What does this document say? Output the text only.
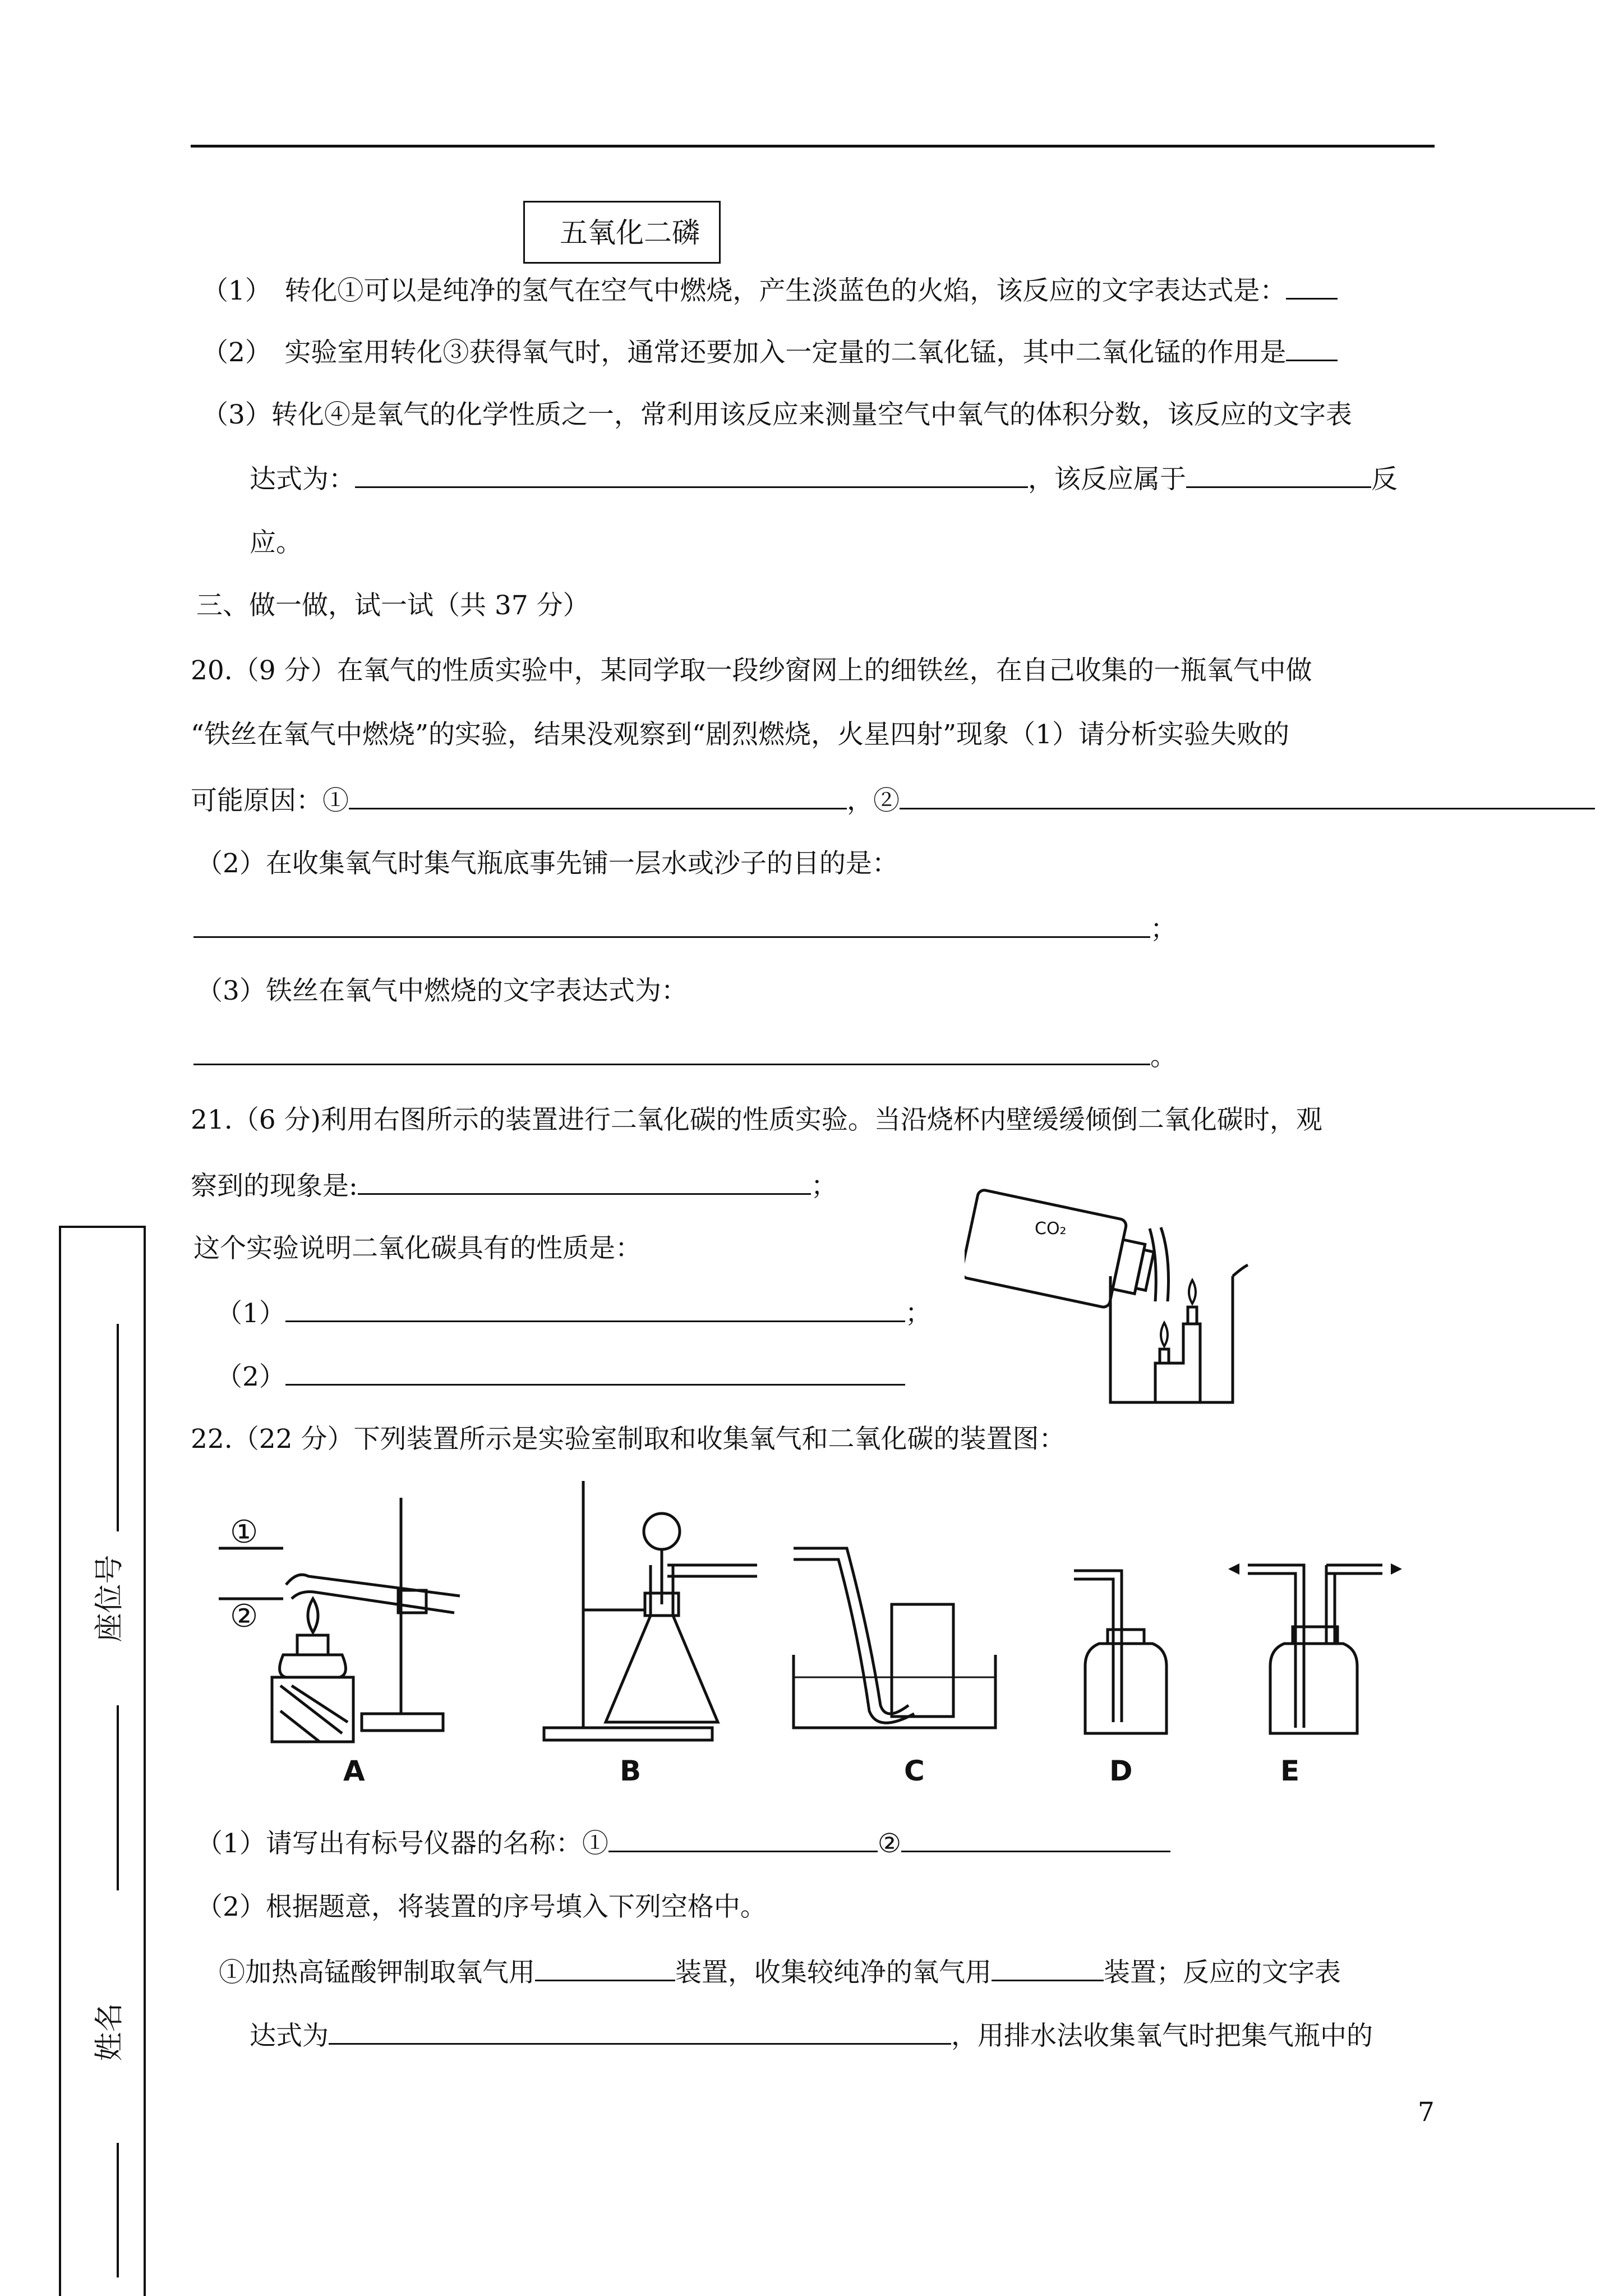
五氧化二磷
（1）　转化①可以是纯净的氢气在空气中燃烧，产生淡蓝色的火焰，该反应的文字表达式是：
（2）　实验室用转化③获得氧气时，通常还要加入一定量的二氧化锰，其中二氧化锰的作用是
（3）转化④是氧气的化学性质之一，常利用该反应来测量空气中氧气的体积分数，该反应的文字表
达式为：	，该反应属于	反
应。
三、做一做，试一试（共 37 分）
20.（9 分）在氧气的性质实验中，某同学取一段纱窗网上的细铁丝，在自己收集的一瓶氧气中做
“铁丝在氧气中燃烧”的实验，结果没观察到“剧烈燃烧，火星四射”现象（1）请分析实验失败的
可能原因：①	，②
（2）在收集氧气时集气瓶底事先铺一层水或沙子的目的是：
；
（3）铁丝在氧气中燃烧的文字表达式为：
。
21.（6 分)利用右图所示的装置进行二氧化碳的性质实验。当沿烧杯内壁缓缓倾倒二氧化碳时，观
察到的现象是:	；
这个实验说明二氧化碳具有的性质是：
（1）	；
（2）
CO₂
22.（22 分）下列装置所示是实验室制取和收集氧气和二氧化碳的装置图：
①
②
A	B	C	D	E
（1）请写出有标号仪器的名称：①	②
（2）根据题意，将装置的序号填入下列空格中。
①加热高锰酸钾制取氧气用	装置，收集较纯净的氧气用	装置；反应的文字表
达式为	，用排水法收集氧气时把集气瓶中的
7
座位号
姓名
